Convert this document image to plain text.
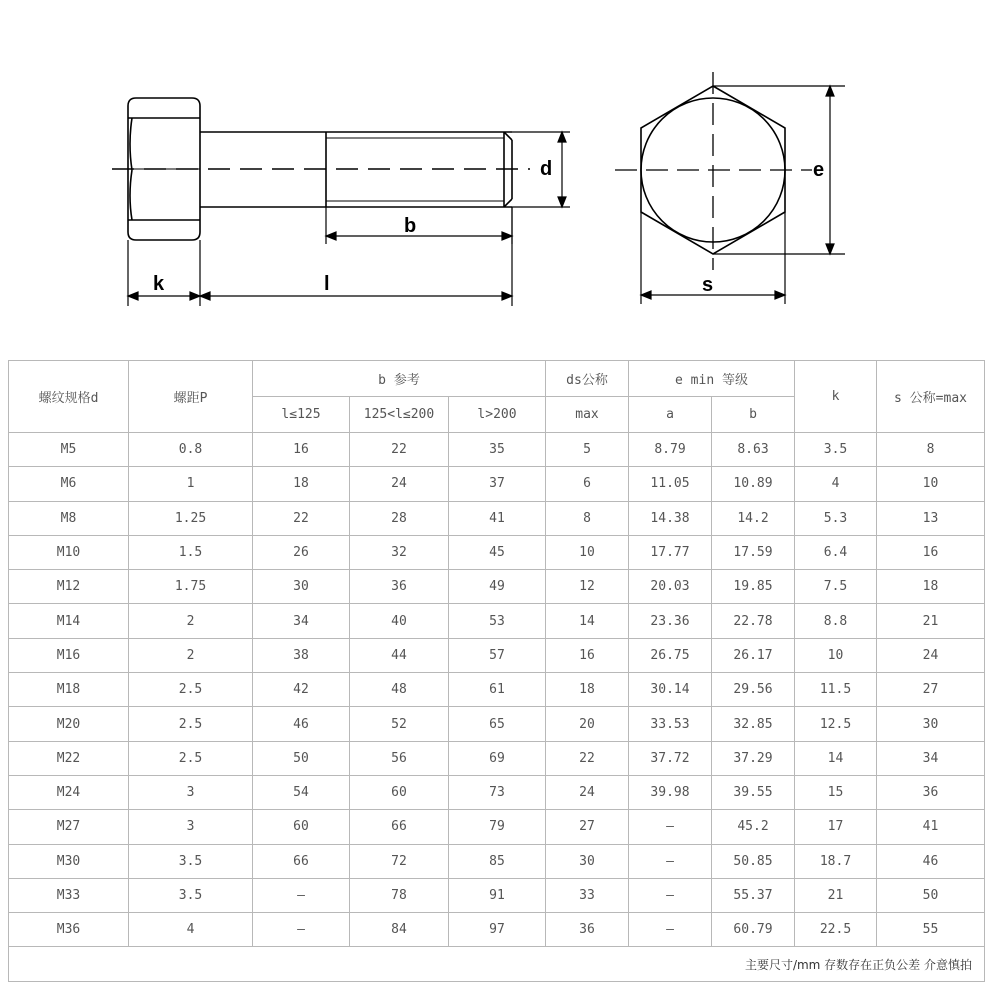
d
b
k	l
e
s
螺纹规格d	螺距P	b 参考			ds公称	e min 等级		k	s 公称=max
		l≤125	125<l≤200	l>200	max	a	b		
M5	0.8	16	22	35	5	8.79	8.63	3.5	8
M6	1	18	24	37	6	11.05	10.89	4	10
M8	1.25	22	28	41	8	14.38	14.2	5.3	13
M10	1.5	26	32	45	10	17.77	17.59	6.4	16
M12	1.75	30	36	49	12	20.03	19.85	7.5	18
M14	2	34	40	53	14	23.36	22.78	8.8	21
M16	2	38	44	57	16	26.75	26.17	10	24
M18	2.5	42	48	61	18	30.14	29.56	11.5	27
M20	2.5	46	52	65	20	33.53	32.85	12.5	30
M22	2.5	50	56	69	22	37.72	37.29	14	34
M24	3	54	60	73	24	39.98	39.55	15	36
M27	3	60	66	79	27	—	45.2	17	41
M30	3.5	66	72	85	30	—	50.85	18.7	46
M33	3.5	—	78	91	33	—	55.37	21	50
M36	4	—	84	97	36	—	60.79	22.5	55
主要尺寸/mm 存数存在正负公差 介意慎拍									
